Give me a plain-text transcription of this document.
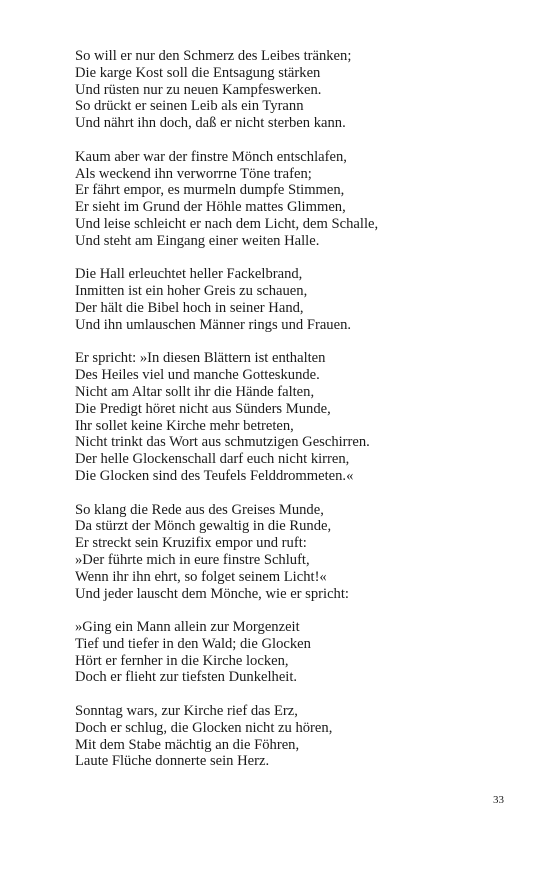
So will er nur den Schmerz des Leibes tränken;
Die karge Kost soll die Entsagung stärken
Und rüsten nur zu neuen Kampfeswerken.
So drückt er seinen Leib als ein Tyrann
Und nährt ihn doch, daß er nicht sterben kann.
Kaum aber war der finstre Mönch entschlafen,
Als weckend ihn verworrne Töne trafen;
Er fährt empor, es murmeln dumpfe Stimmen,
Er sieht im Grund der Höhle mattes Glimmen,
Und leise schleicht er nach dem Licht, dem Schalle,
Und steht am Eingang einer weiten Halle.
Die Hall erleuchtet heller Fackelbrand,
Inmitten ist ein hoher Greis zu schauen,
Der hält die Bibel hoch in seiner Hand,
Und ihn umlauschen Männer rings und Frauen.
Er spricht: »In diesen Blättern ist enthalten
Des Heiles viel und manche Gotteskunde.
Nicht am Altar sollt ihr die Hände falten,
Die Predigt höret nicht aus Sünders Munde,
Ihr sollet keine Kirche mehr betreten,
Nicht trinkt das Wort aus schmutzigen Geschirren.
Der helle Glockenschall darf euch nicht kirren,
Die Glocken sind des Teufels Felddrommeten.«
So klang die Rede aus des Greises Munde,
Da stürzt der Mönch gewaltig in die Runde,
Er streckt sein Kruzifix empor und ruft:
»Der führte mich in eure finstre Schluft,
Wenn ihr ihn ehrt, so folget seinem Licht!«
Und jeder lauscht dem Mönche, wie er spricht:
»Ging ein Mann allein zur Morgenzeit
Tief und tiefer in den Wald; die Glocken
Hört er fernher in die Kirche locken,
Doch er flieht zur tiefsten Dunkelheit.
Sonntag wars, zur Kirche rief das Erz,
Doch er schlug, die Glocken nicht zu hören,
Mit dem Stabe mächtig an die Föhren,
Laute Flüche donnerte sein Herz.
33
